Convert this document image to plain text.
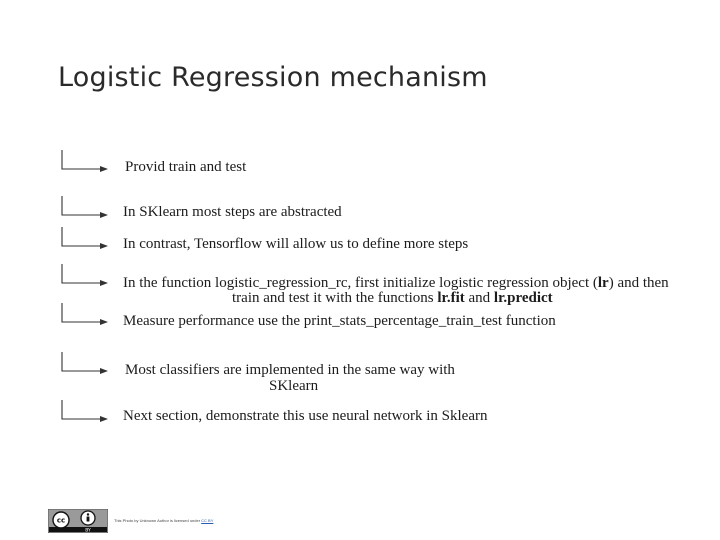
Logistic Regression mechanism
Provid train and test
In SKlearn most steps are abstracted
In contrast, Tensorflow will allow us to define more steps
In the function logistic_regression_rc, first initialize logistic regression object (lr) and then
train and test it with the functions lr.fit and lr.predict
Measure performance use the print_stats_percentage_train_test function
Most classifiers are implemented in the same way with
SKlearn
Next section, demonstrate this use neural network in Sklearn
cc
BY
This Photo by Unknown Author is licensed under CC BY
